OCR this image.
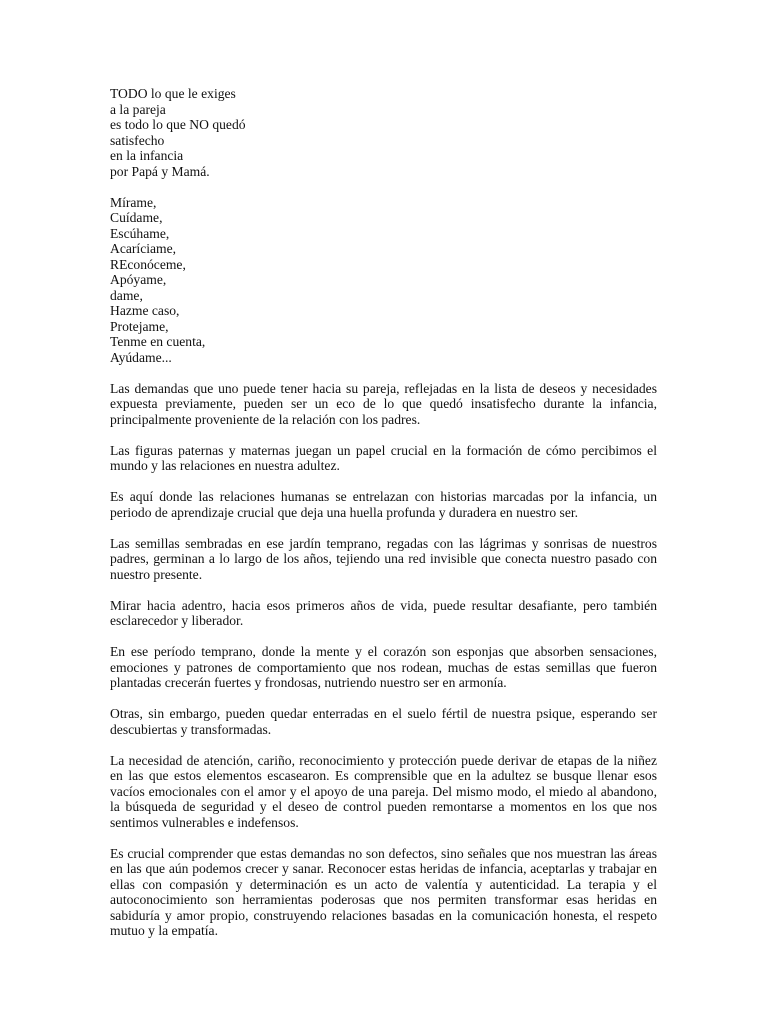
TODO lo que le exiges
a la pareja
es todo lo que NO quedó
satisfecho
en la infancia
por Papá y Mamá.
Mírame,
Cuídame,
Escúhame,
Acaríciame,
REconóceme,
Apóyame,
dame,
Hazme caso,
Protejame,
Tenme en cuenta,
Ayúdame...

Las demandas que uno puede tener hacia su pareja, reflejadas en la lista de deseos y necesidades expuesta previamente, pueden ser un eco de lo que quedó insatisfecho durante la infancia, principalmente proveniente de la relación con los padres.

Las figuras paternas y maternas juegan un papel crucial en la formación de cómo percibimos el mundo y las relaciones en nuestra adultez.

Es aquí donde las relaciones humanas se entrelazan con historias marcadas por la infancia, un periodo de aprendizaje crucial que deja una huella profunda y duradera en nuestro ser.

Las semillas sembradas en ese jardín temprano, regadas con las lágrimas y sonrisas de nuestros padres, germinan a lo largo de los años, tejiendo una red invisible que conecta nuestro pasado con nuestro presente.

Mirar hacia adentro, hacia esos primeros años de vida, puede resultar desafiante, pero también esclarecedor y liberador.

En ese período temprano, donde la mente y el corazón son esponjas que absorben sensaciones, emociones y patrones de comportamiento que nos rodean, muchas de estas semillas que fueron plantadas crecerán fuertes y frondosas, nutriendo nuestro ser en armonía.

Otras, sin embargo, pueden quedar enterradas en el suelo fértil de nuestra psique, esperando ser descubiertas y transformadas.

La necesidad de atención, cariño, reconocimiento y protección puede derivar de etapas de la niñez en las que estos elementos escasearon. Es comprensible que en la adultez se busque llenar esos vacíos emocionales con el amor y el apoyo de una pareja. Del mismo modo, el miedo al abandono, la búsqueda de seguridad y el deseo de control pueden remontarse a momentos en los que nos sentimos vulnerables e indefensos.

Es crucial comprender que estas demandas no son defectos, sino señales que nos muestran las áreas en las que aún podemos crecer y sanar. Reconocer estas heridas de infancia, aceptarlas y trabajar en ellas con compasión y determinación es un acto de valentía y autenticidad. La terapia y el autoconocimiento son herramientas poderosas que nos permiten transformar esas heridas en sabiduría y amor propio, construyendo relaciones basadas en la comunicación honesta, el respeto mutuo y la empatía.
